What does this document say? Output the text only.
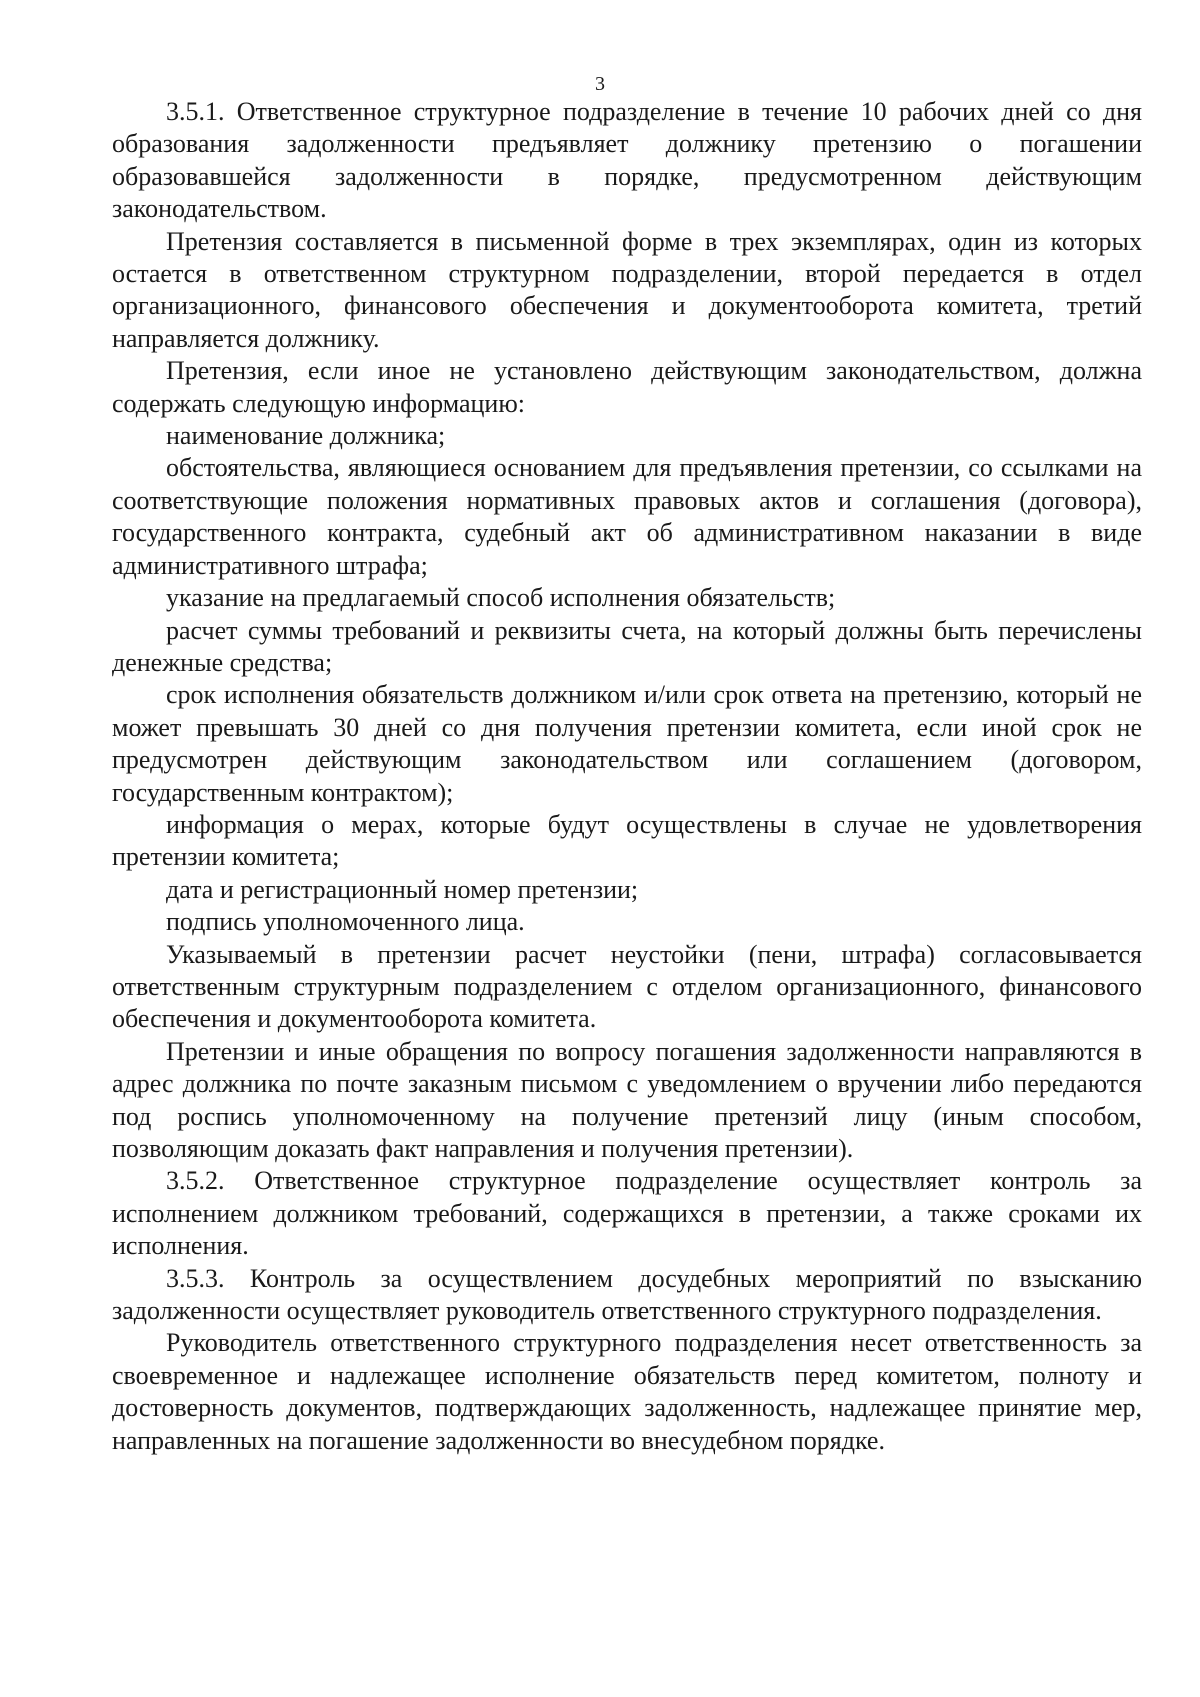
3

3.5.1. Ответственное структурное подразделение в течение 10 рабочих дней со дня образования задолженности предъявляет должнику претензию о погашении образовавшейся задолженности в порядке, предусмотренном действующим законодательством.

Претензия составляется в письменной форме в трех экземплярах, один из которых остается в ответственном структурном подразделении, второй передается в отдел организационного, финансового обеспечения и документооборота комитета, третий направляется должнику.

Претензия, если иное не установлено действующим законодательством, должна содержать следующую информацию:

наименование должника;

обстоятельства, являющиеся основанием для предъявления претензии, со ссылками на соответствующие положения нормативных правовых актов и соглашения (договора), государственного контракта, судебный акт об административном наказании в виде административного штрафа;

указание на предлагаемый способ исполнения обязательств;

расчет суммы требований и реквизиты счета, на который должны быть перечислены денежные средства;

срок исполнения обязательств должником и/или срок ответа на претензию, который не может превышать 30 дней со дня получения претензии комитета, если иной срок не предусмотрен действующим законодательством или соглашением (договором, государственным контрактом);

информация о мерах, которые будут осуществлены в случае не удовлетворения претензии комитета;

дата и регистрационный номер претензии;

подпись уполномоченного лица.

Указываемый в претензии расчет неустойки (пени, штрафа) согласовывается ответственным структурным подразделением с отделом организационного, финансового обеспечения и документооборота комитета.

Претензии и иные обращения по вопросу погашения задолженности направляются в адрес должника по почте заказным письмом с уведомлением о вручении либо передаются под роспись уполномоченному на получение претензий лицу (иным способом, позволяющим доказать факт направления и получения претензии).

3.5.2. Ответственное структурное подразделение осуществляет контроль за исполнением должником требований, содержащихся в претензии, а также сроками их исполнения.

3.5.3. Контроль за осуществлением досудебных мероприятий по взысканию задолженности осуществляет руководитель ответственного структурного подразделения.

Руководитель ответственного структурного подразделения несет ответственность за своевременное и надлежащее исполнение обязательств перед комитетом, полноту и достоверность документов, подтверждающих задолженность, надлежащее принятие мер, направленных на погашение задолженности во внесудебном порядке.
